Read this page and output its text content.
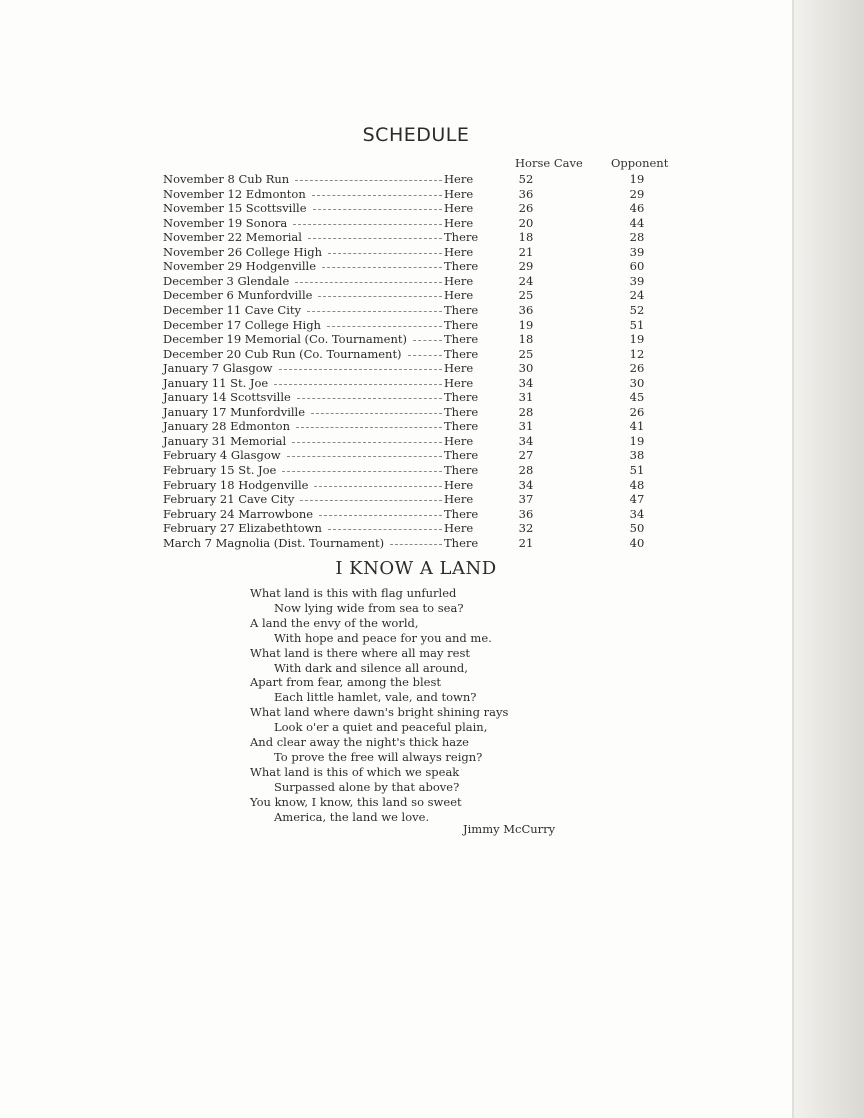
SCHEDULE
Horse Cave Opponent
November 8 Cub Run	Here	52	19
November 12 Edmonton	Here	36	29
November 15 Scottsville	Here	26	46
November 19 Sonora	Here	20	44
November 22 Memorial	There	18	28
November 26 College High	Here	21	39
November 29 Hodgenville	There	29	60
December 3 Glendale	Here	24	39
December 6 Munfordville	Here	25	24
December 11 Cave City	There	36	52
December 17 College High	There	19	51
December 19 Memorial (Co. Tournament)	There	18	19
December 20 Cub Run (Co. Tournament)	There	25	12
January 7 Glasgow	Here	30	26
January 11 St. Joe	Here	34	30
January 14 Scottsville	There	31	45
January 17 Munfordville	There	28	26
January 28 Edmonton	There	31	41
January 31 Memorial	Here	34	19
February 4 Glasgow	There	27	38
February 15 St. Joe	There	28	51
February 18 Hodgenville	Here	34	48
February 21 Cave City	Here	37	47
February 24 Marrowbone	There	36	34
February 27 Elizabethtown	Here	32	50
March 7 Magnolia (Dist. Tournament)	There	21	40
I KNOW A LAND
What land is this with flag unfurled
Now lying wide from sea to sea?
A land the envy of the world,
With hope and peace for you and me.
What land is there where all may rest
With dark and silence all around,
Apart from fear, among the blest
Each little hamlet, vale, and town?
What land where dawn's bright shining rays
Look o'er a quiet and peaceful plain,
And clear away the night's thick haze
To prove the free will always reign?
What land is this of which we speak
Surpassed alone by that above?
You know, I know, this land so sweet
America, the land we love.
Jimmy McCurry
